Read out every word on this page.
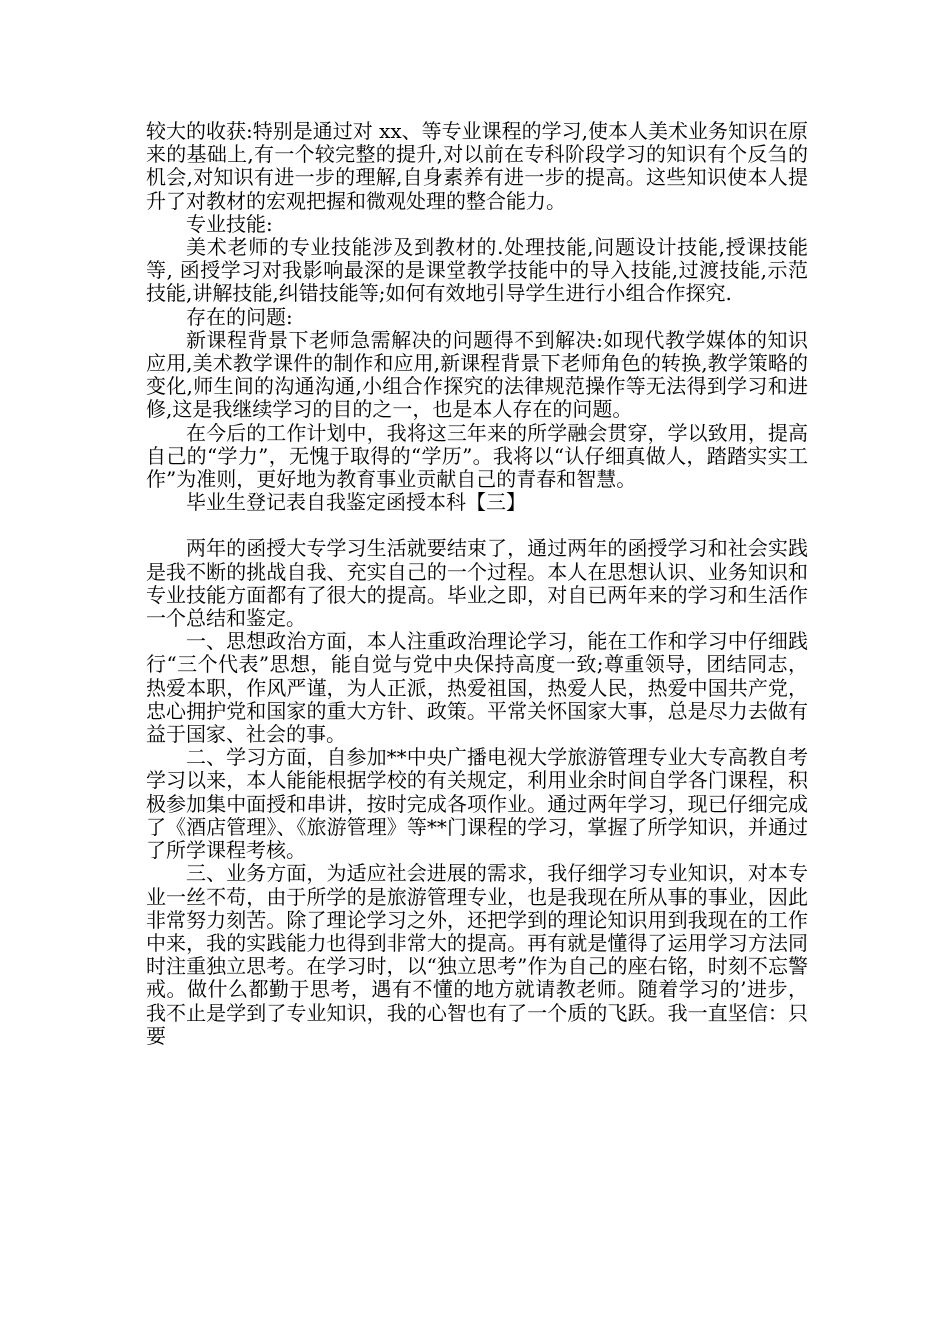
较大的收获:特别是通过对 xx、等专业课程的学习,使本人美术业务知识在原来的基础上,有一个较完整的提升,对以前在专科阶段学习的知识有个反刍的机会,对知识有进一步的理解,自身素养有进一步的提高。这些知识使本人提升了对教材的宏观把握和微观处理的整合能力。

专业技能:

美术老师的专业技能涉及到教材的.处理技能,问题设计技能,授课技能等, 函授学习对我影响最深的是课堂教学技能中的导入技能,过渡技能,示范技能,讲解技能,纠错技能等;如何有效地引导学生进行小组合作探究.

存在的问题:

新课程背景下老师急需解决的问题得不到解决:如现代教学媒体的知识应用,美术教学课件的制作和应用,新课程背景下老师角色的转换,教学策略的变化,师生间的沟通沟通,小组合作探究的法律规范操作等无法得到学习和进修,这是我继续学习的目的之一，也是本人存在的问题。

在今后的工作计划中，我将这三年来的所学融会贯穿，学以致用，提高自己的“学力”，无愧于取得的“学历”。我将以“认仔细真做人，踏踏实实工作”为准则，更好地为教育事业贡献自己的青春和智慧。

毕业生登记表自我鉴定函授本科【三】

两年的函授大专学习生活就要结束了，通过两年的函授学习和社会实践是我不断的挑战自我、充实自己的一个过程。本人在思想认识、业务知识和专业技能方面都有了很大的提高。毕业之即，对自已两年来的学习和生活作一个总结和鉴定。

一、思想政治方面，本人注重政治理论学习，能在工作和学习中仔细践行“三个代表”思想，能自觉与党中央保持高度一致;尊重领导，团结同志，热爱本职，作风严谨，为人正派，热爱祖国，热爱人民，热爱中国共产党，忠心拥护党和国家的重大方针、政策。平常关怀国家大事，总是尽力去做有益于国家、社会的事。

二、学习方面，自参加**中央广播电视大学旅游管理专业大专高教自考学习以来，本人能能根据学校的有关规定，利用业余时间自学各门课程，积极参加集中面授和串讲，按时完成各项作业。通过两年学习，现已仔细完成了《酒店管理》、《旅游管理》等**门课程的学习，掌握了所学知识，并通过了所学课程考核。

三、业务方面，为适应社会进展的需求，我仔细学习专业知识，对本专业一丝不苟，由于所学的是旅游管理专业，也是我现在所从事的事业，因此非常努力刻苦。除了理论学习之外，还把学到的理论知识用到我现在的工作中来，我的实践能力也得到非常大的提高。再有就是懂得了运用学习方法同时注重独立思考。在学习时，以“独立思考”作为自己的座右铭，时刻不忘警戒。做什么都勤于思考，遇有不懂的地方就请教老师。随着学习的’进步，我不止是学到了专业知识，我的心智也有了一个质的飞跃。我一直坚信：只要
